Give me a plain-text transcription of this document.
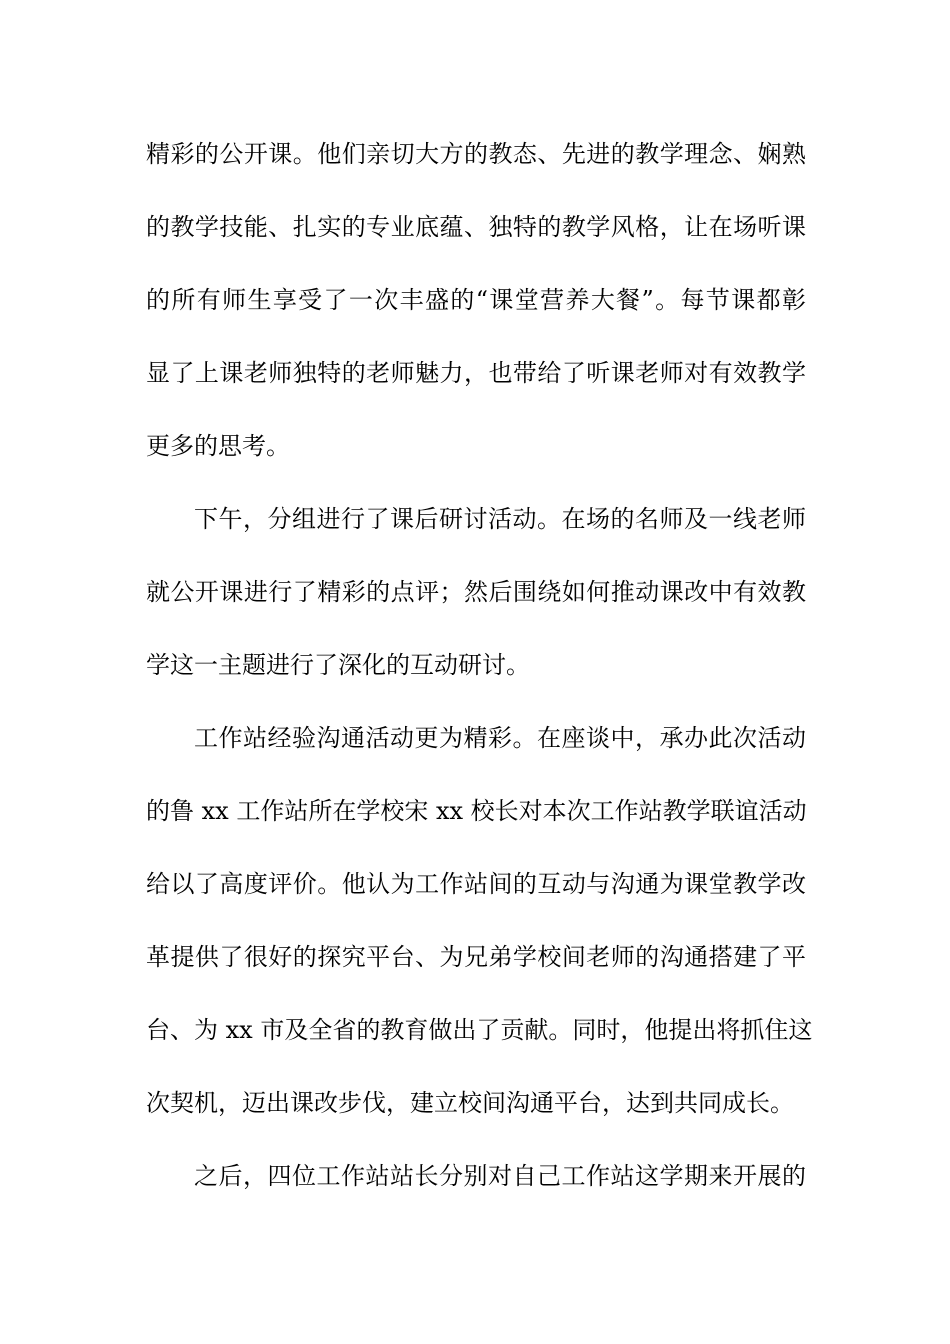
精彩的公开课。他们亲切大方的教态、先进的教学理念、娴熟
的教学技能、扎实的专业底蕴、独特的教学风格，让在场听课
的所有师生享受了一次丰盛的“课堂营养大餐”。每节课都彰
显了上课老师独特的老师魅力，也带给了听课老师对有效教学
更多的思考。
下午，分组进行了课后研讨活动。在场的名师及一线老师
就公开课进行了精彩的点评；然后围绕如何推动课改中有效教
学这一主题进行了深化的互动研讨。
工作站经验沟通活动更为精彩。在座谈中，承办此次活动
的鲁 xx 工作站所在学校宋 xx 校长对本次工作站教学联谊活动
给以了高度评价。他认为工作站间的互动与沟通为课堂教学改
革提供了很好的探究平台、为兄弟学校间老师的沟通搭建了平
台、为 xx 市及全省的教育做出了贡献。同时，他提出将抓住这
次契机，迈出课改步伐，建立校间沟通平台，达到共同成长。
之后，四位工作站站长分别对自己工作站这学期来开展的
